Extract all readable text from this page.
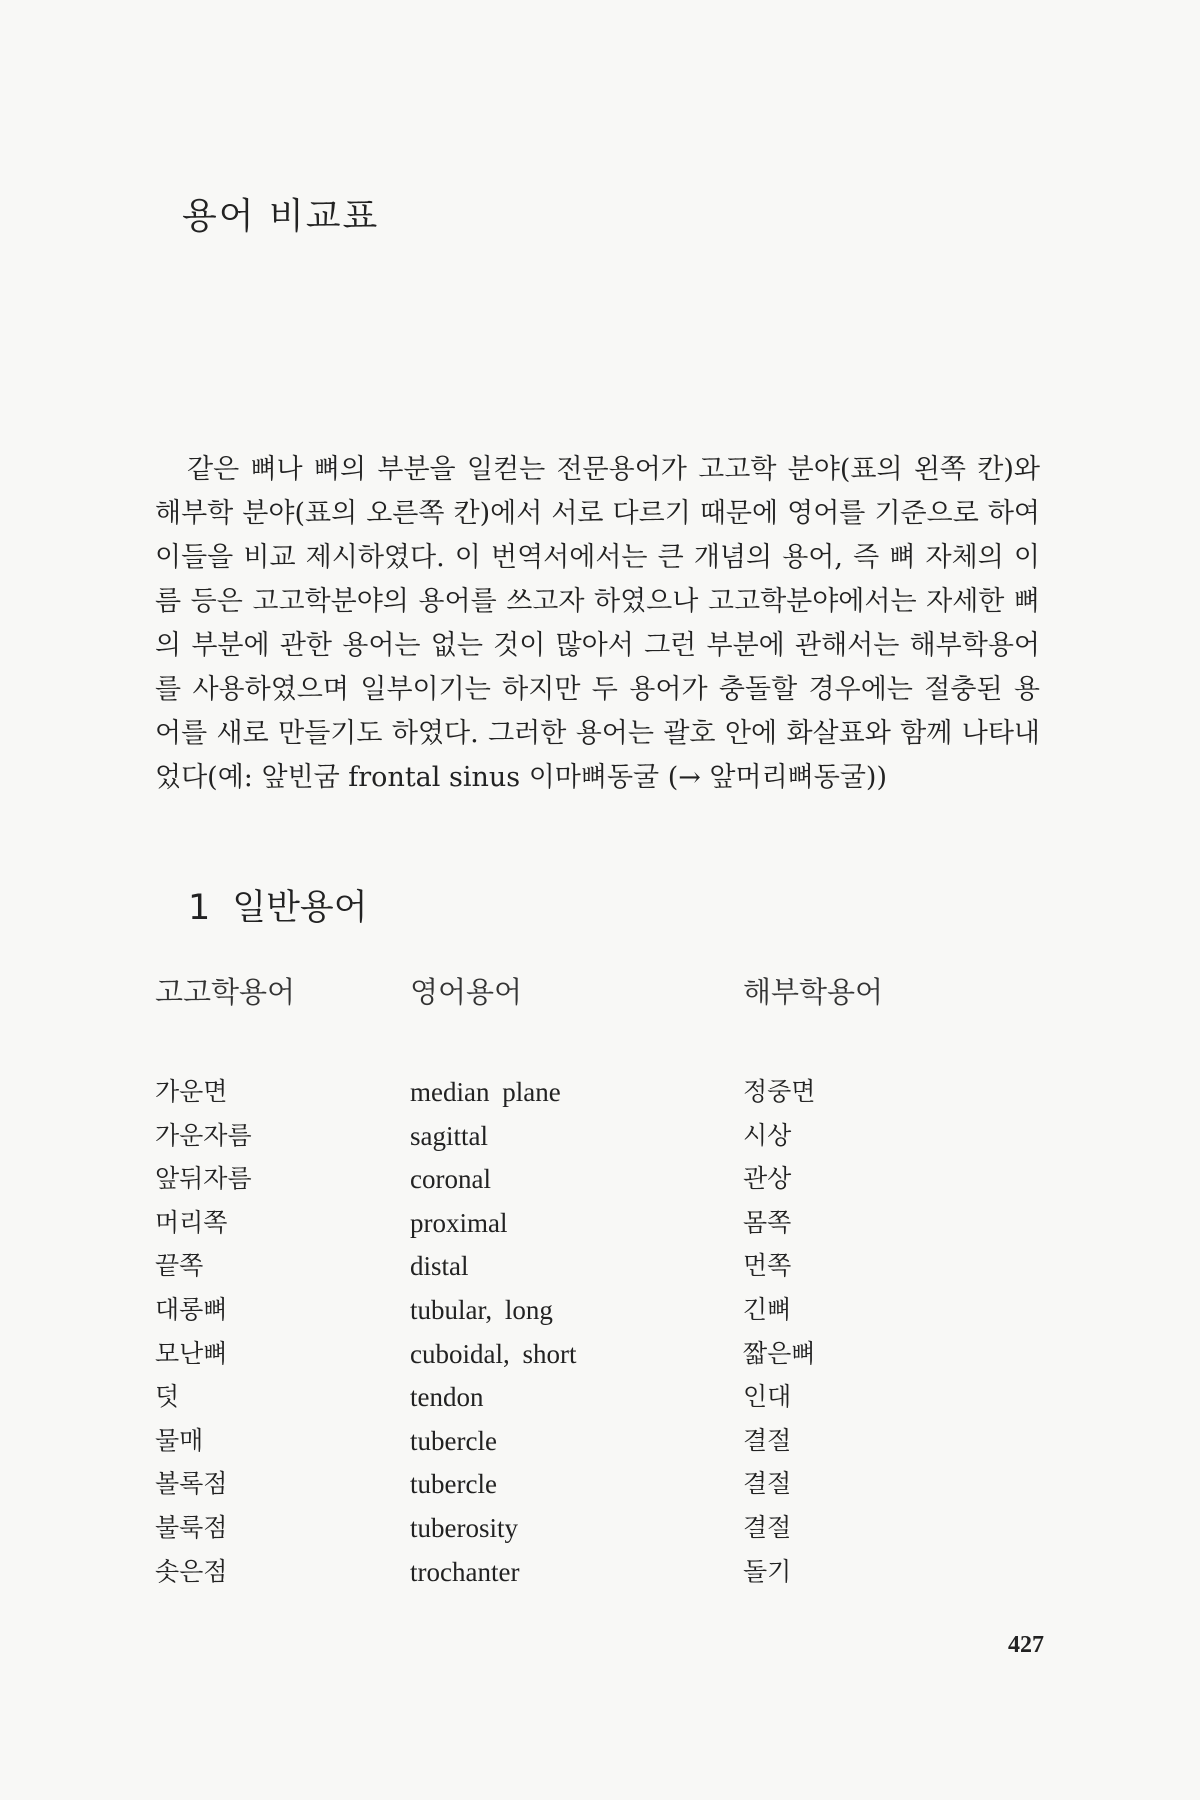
용어 비교표

같은 뼈나 뼈의 부분을 일컫는 전문용어가 고고학 분야(표의 왼쪽 칸)와 해부학 분야(표의 오른쪽 칸)에서 서로 다르기 때문에 영어를 기준으로 하여 이들을 비교 제시하였다. 이 번역서에서는 큰 개념의 용어, 즉 뼈 자체의 이름 등은 고고학분야의 용어를 쓰고자 하였으나 고고학분야에서는 자세한 뼈의 부분에 관한 용어는 없는 것이 많아서 그런 부분에 관해서는 해부학용어를 사용하였으며 일부이기는 하지만 두 용어가 충돌할 경우에는 절충된 용어를 새로 만들기도 하였다. 그러한 용어는 괄호 안에 화살표와 함께 나타내었다(예: 앞빈굼 frontal sinus 이마뼈동굴 (→ 앞머리뼈동굴))

1 일반용어
고고학용어	영어용어	해부학용어
가운면	median plane	정중면
가운자름	sagittal	시상
앞뒤자름	coronal	관상
머리쪽	proximal	몸쪽
끝쪽	distal	먼쪽
대롱뼈	tubular, long	긴뼈
모난뼈	cuboidal, short	짧은뼈
덧	tendon	인대
물매	tubercle	결절
볼록점	tubercle	결절
불룩점	tuberosity	결절
솟은점	trochanter	돌기

427
